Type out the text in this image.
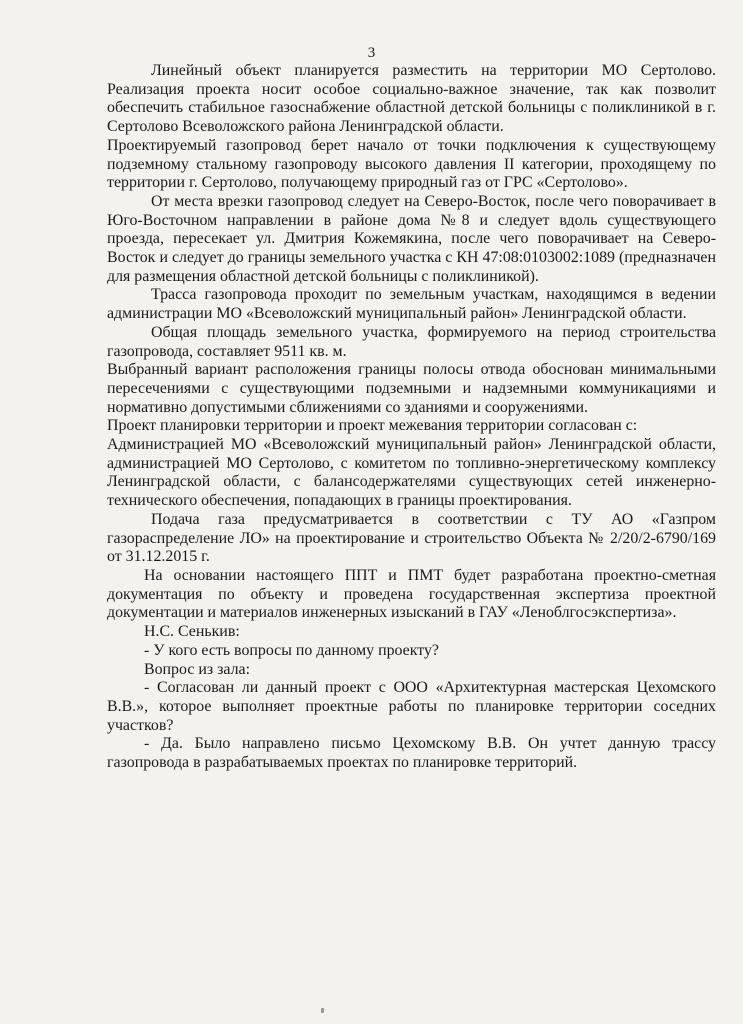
3

Линейный объект планируется разместить на территории МО Сертолово. Реализация проекта носит особое социально-важное значение, так как позволит обеспечить стабильное газоснабжение областной детской больницы с поликлиникой в г. Сертолово Всеволожского района Ленинградской области.

Проектируемый газопровод берет начало от точки подключения к существующему подземному стальному газопроводу высокого давления II категории, проходящему по территории г. Сертолово, получающему природный газ от ГРС «Сертолово».

От места врезки газопровод следует на Северо-Восток, после чего поворачивает в Юго-Восточном направлении в районе дома №8 и следует вдоль существующего проезда, пересекает ул. Дмитрия Кожемякина, после чего поворачивает на Северо-Восток и следует до границы земельного участка с КН 47:08:0103002:1089 (предназначен для размещения областной детской больницы с поликлиникой).

Трасса газопровода проходит по земельным участкам, находящимся в ведении администрации МО «Всеволожский муниципальный район» Ленинградской области.

Общая площадь земельного участка, формируемого на период строительства газопровода, составляет 9511 кв. м.

Выбранный вариант расположения границы полосы отвода обоснован минимальными пересечениями с существующими подземными и надземными коммуникациями и нормативно допустимыми сближениями со зданиями и сооружениями.

Проект планировки территории и проект межевания территории согласован с:

Администрацией МО «Всеволожский муниципальный район» Ленинградской области, администрацией МО Сертолово, с комитетом по топливно-энергетическому комплексу Ленинградской области, с балансодержателями существующих сетей инженерно-технического обеспечения, попадающих в границы проектирования.

Подача газа предусматривается в соответствии с ТУ АО «Газпром газораспределение ЛО» на проектирование и строительство Объекта № 2/20/2-6790/169 от 31.12.2015 г.

На основании настоящего ППТ и ПМТ будет разработана проектно-сметная документация по объекту и проведена государственная экспертиза проектной документации и материалов инженерных изысканий в ГАУ «Леноблгосэкспертиза».

Н.С. Сенькив:

- У кого есть вопросы по данному проекту?

Вопрос из зала:

- Согласован ли данный проект с ООО «Архитектурная мастерская Цехомского В.В.», которое выполняет проектные работы по планировке территории соседних участков?

- Да. Было направлено письмо Цехомскому В.В. Он учтет данную трассу газопровода в разрабатываемых проектах по планировке территорий.
